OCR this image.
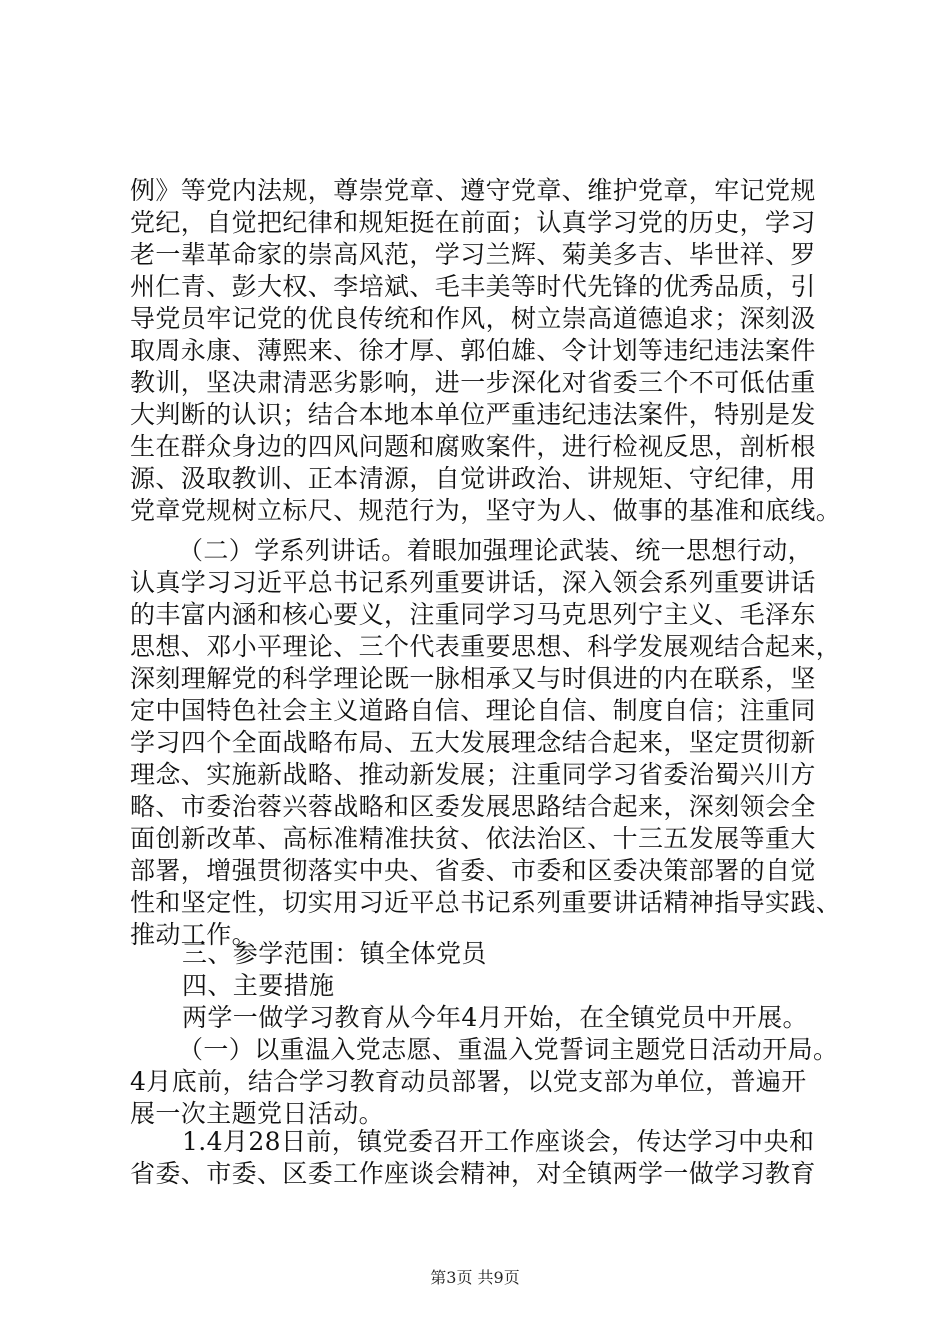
例》等党内法规，尊崇党章、遵守党章、维护党章，牢记党规
党纪，自觉把纪律和规矩挺在前面；认真学习党的历史，学习
老一辈革命家的崇高风范，学习兰辉、菊美多吉、毕世祥、罗
州仁青、彭大权、李培斌、毛丰美等时代先锋的优秀品质，引
导党员牢记党的优良传统和作风，树立崇高道德追求；深刻汲
取周永康、薄熙来、徐才厚、郭伯雄、令计划等违纪违法案件
教训，坚决肃清恶劣影响，进一步深化对省委三个不可低估重
大判断的认识；结合本地本单位严重违纪违法案件，特别是发
生在群众身边的四风问题和腐败案件，进行检视反思，剖析根
源、汲取教训、正本清源，自觉讲政治、讲规矩、守纪律，用
党章党规树立标尺、规范行为，坚守为人、做事的基准和底线。
（二）学系列讲话。着眼加强理论武装、统一思想行动，
认真学习习近平总书记系列重要讲话，深入领会系列重要讲话
的丰富内涵和核心要义，注重同学习马克思列宁主义、毛泽东
思想、邓小平理论、三个代表重要思想、科学发展观结合起来，
深刻理解党的科学理论既一脉相承又与时俱进的内在联系，坚
定中国特色社会主义道路自信、理论自信、制度自信；注重同
学习四个全面战略布局、五大发展理念结合起来，坚定贯彻新
理念、实施新战略、推动新发展；注重同学习省委治蜀兴川方
略、市委治蓉兴蓉战略和区委发展思路结合起来，深刻领会全
面创新改革、高标准精准扶贫、依法治区、十三五发展等重大
部署，增强贯彻落实中央、省委、市委和区委决策部署的自觉
性和坚定性，切实用习近平总书记系列重要讲话精神指导实践、
推动工作。
三、参学范围：镇全体党员
四、主要措施
两学一做学习教育从今年4月开始，在全镇党员中开展。
（一）以重温入党志愿、重温入党誓词主题党日活动开局。
4月底前，结合学习教育动员部署，以党支部为单位，普遍开
展一次主题党日活动。
1.4月28日前，镇党委召开工作座谈会，传达学习中央和
省委、市委、区委工作座谈会精神，对全镇两学一做学习教育
第3页 共9页
